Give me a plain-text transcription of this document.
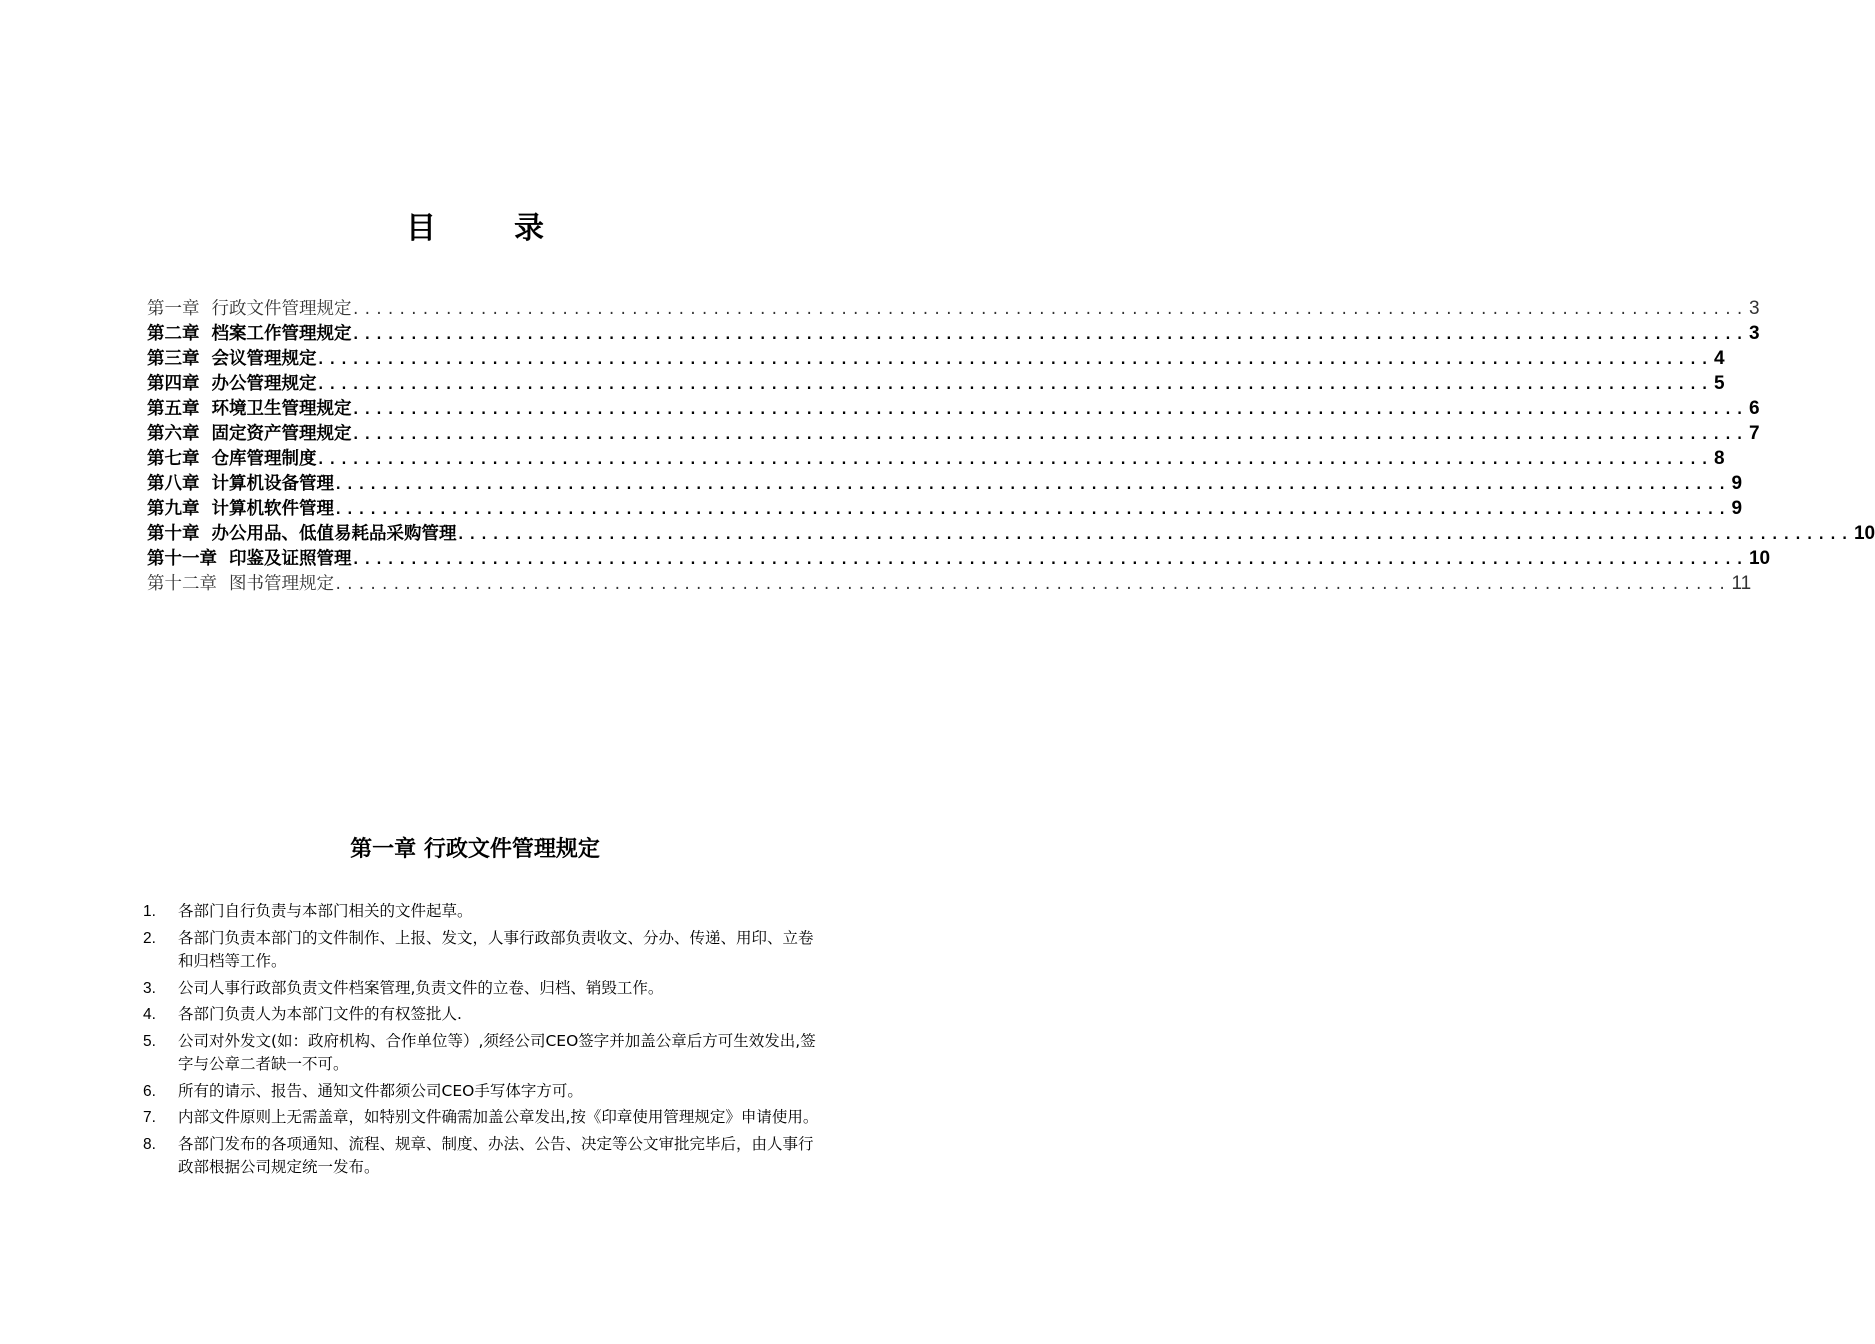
目	录
第一章 行政文件管理规定 ........................................................................................................................ 3
第二章 档案工作管理规定 ........................................................................................................................ 3
第三章 会议管理规定 ........................................................................................................................ 4
第四章 办公管理规定 ........................................................................................................................ 5
第五章 环境卫生管理规定 ........................................................................................................................ 6
第六章 固定资产管理规定 ........................................................................................................................ 7
第七章 仓库管理制度 ........................................................................................................................ 8
第八章 计算机设备管理 ........................................................................................................................ 9
第九章 计算机软件管理 ........................................................................................................................ 9
第十章 办公用品、低值易耗品采购管理 ........................................................................................................................ 10
第十一章 印鉴及证照管理 ........................................................................................................................ 10
第十二章 图书管理规定 ........................................................................................................................ 11
第一章 行政文件管理规定
1.	各部门自行负责与本部门相关的文件起草。
2.	各部门负责本部门的文件制作、上报、发文，人事行政部负责收文、分办、传递、用印、立卷和归档等工作。
3.	公司人事行政部负责文件档案管理,负责文件的立卷、归档、销毁工作。
4.	各部门负责人为本部门文件的有权签批人.
5.	公司对外发文(如：政府机构、合作单位等）,须经公司CEO签字并加盖公章后方可生效发出,签字与公章二者缺一不可。
6.	所有的请示、报告、通知文件都须公司CEO手写体字方可。
7.	内部文件原则上无需盖章，如特别文件确需加盖公章发出,按《印章使用管理规定》申请使用。
8.	各部门发布的各项通知、流程、规章、制度、办法、公告、决定等公文审批完毕后，由人事行政部根据公司规定统一发布。
